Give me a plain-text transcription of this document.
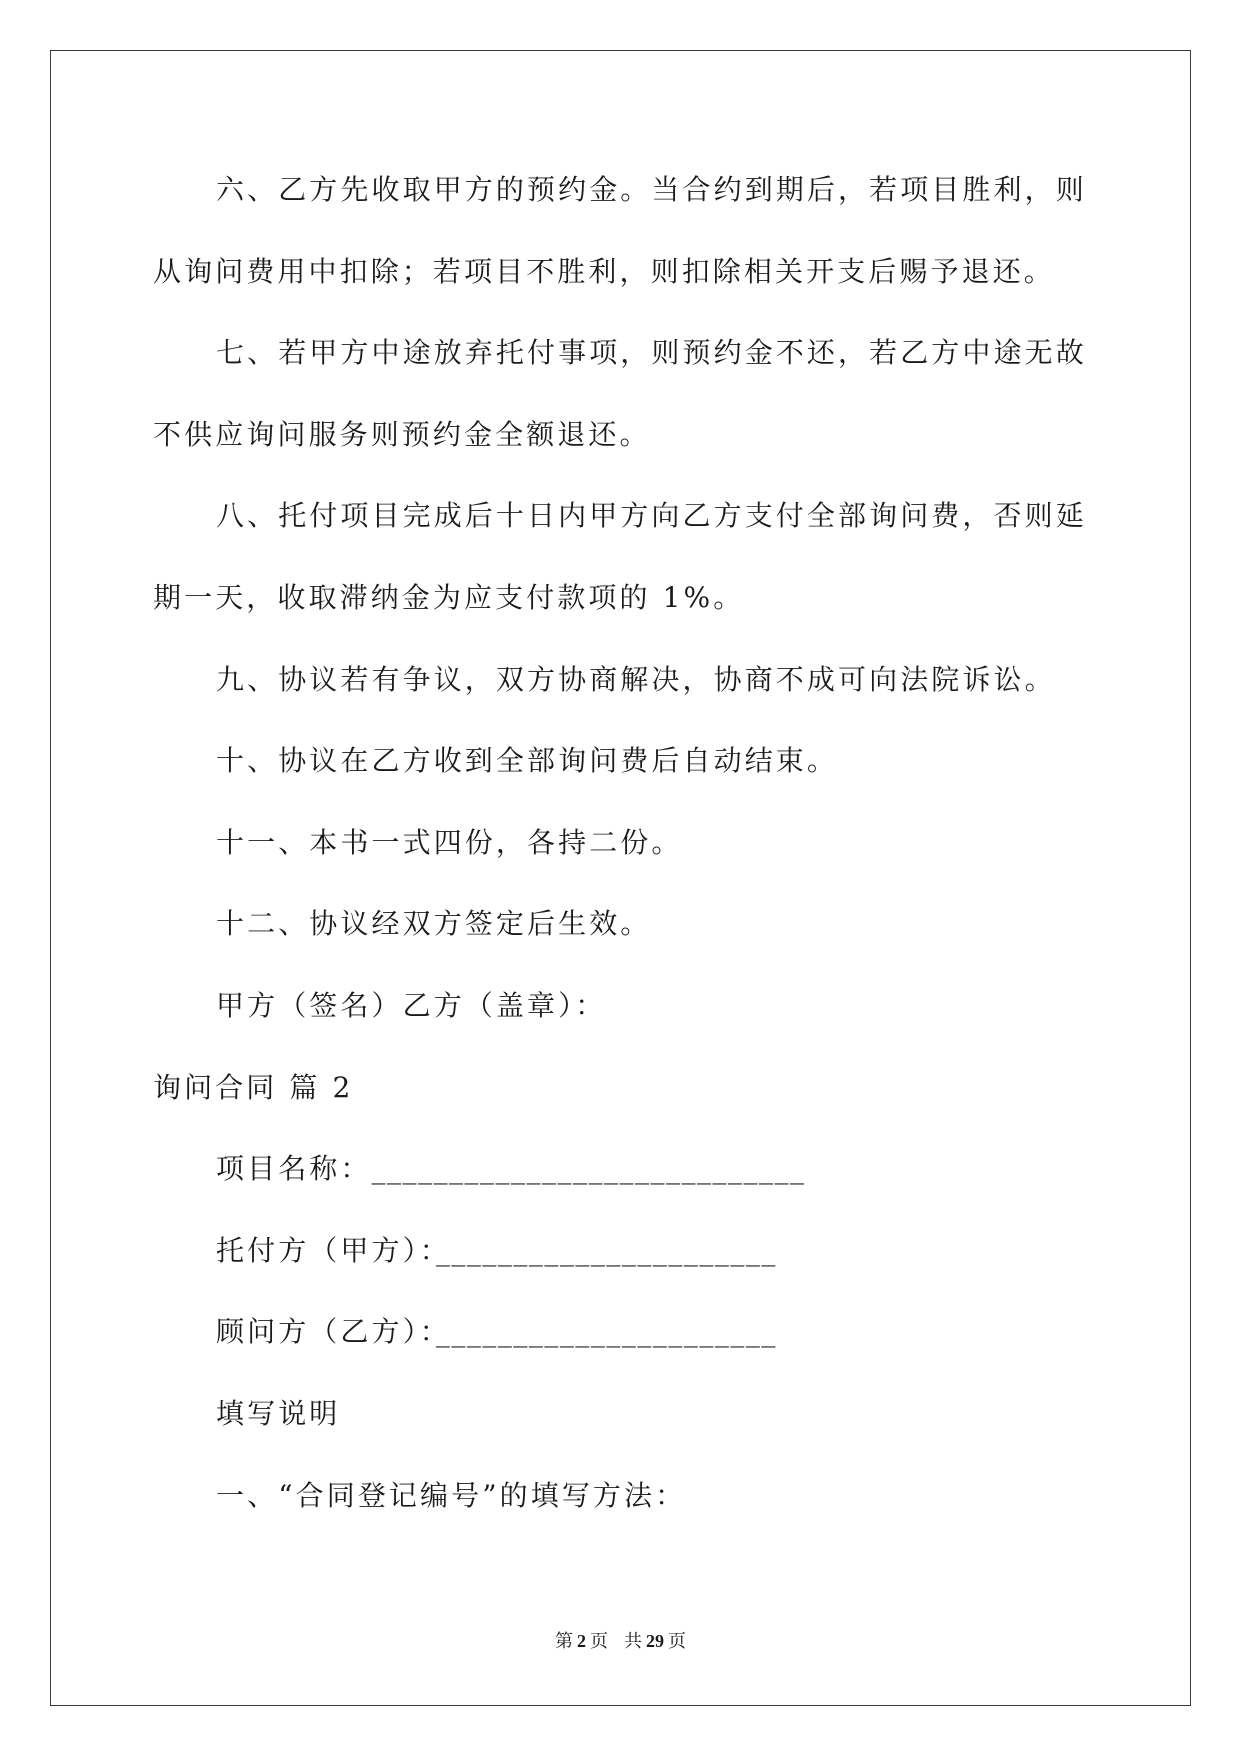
六、乙方先收取甲方的预约金。当合约到期后，若项目胜利，则
从询问费用中扣除；若项目不胜利，则扣除相关开支后赐予退还。
七、若甲方中途放弃托付事项，则预约金不还，若乙方中途无故
不供应询问服务则预约金全额退还。
八、托付项目完成后十日内甲方向乙方支付全部询问费，否则延
期一天，收取滞纳金为应支付款项的 1%。
九、协议若有争议，双方协商解决，协商不成可向法院诉讼。
十、协议在乙方收到全部询问费后自动结束。
十一、本书一式四份，各持二份。
十二、协议经双方签定后生效。
甲方（签名）乙方（盖章）：
询问合同 篇 2
项目名称：____________________________
托付方（甲方）：______________________
顾问方（乙方）：______________________
填写说明
一、“合同登记编号”的填写方法：
第 2 页 共 29 页
